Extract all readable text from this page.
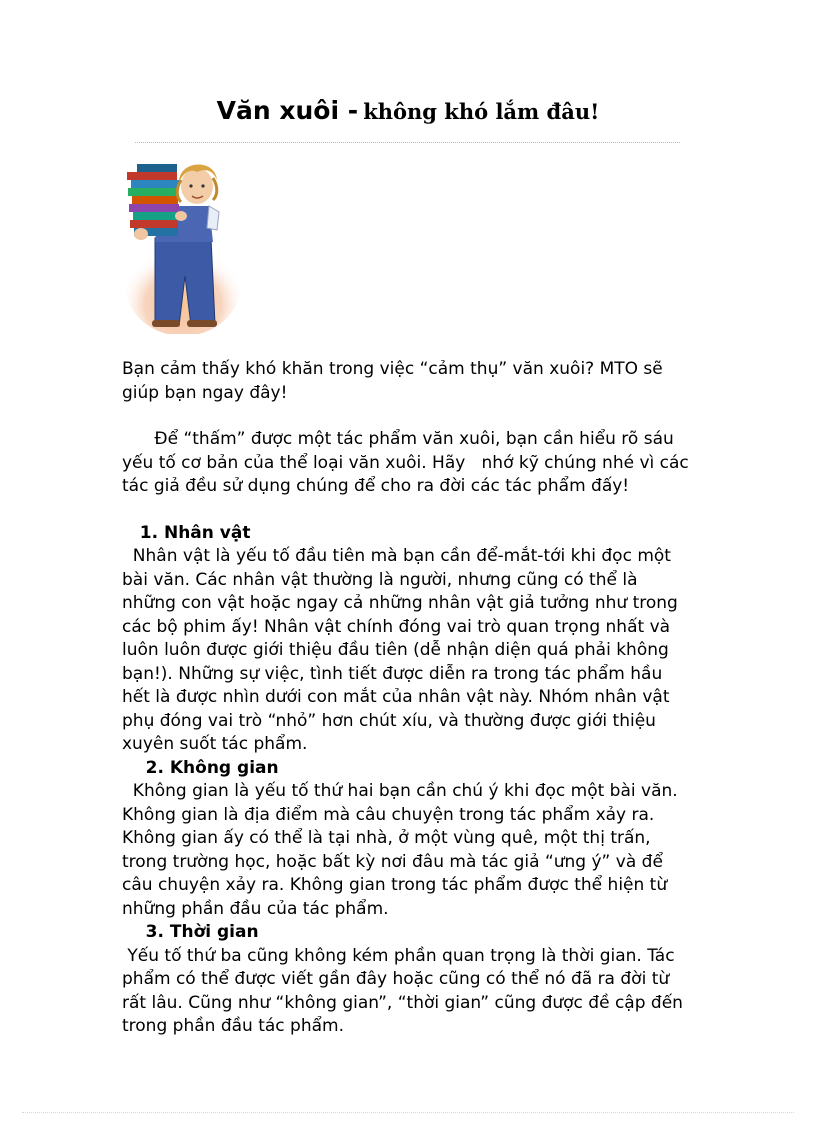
Văn xuôi - không khó lắm đâu!

Bạn cảm thấy khó khăn trong việc “cảm thụ” văn xuôi? MTO sẽ

giúp bạn ngay đây!

Để “thấm” được một tác phẩm văn xuôi, bạn cần hiểu rõ sáu

yếu tố cơ bản của thể loại văn xuôi. Hãy   nhớ kỹ chúng nhé vì các

tác giả đều sử dụng chúng để cho ra đời các tác phẩm đấy!

1. Nhân vật

Nhân vật là yếu tố đầu tiên mà bạn cần để-mắt-tới khi đọc một

bài văn. Các nhân vật thường là người, nhưng cũng có thể là

những con vật hoặc ngay cả những nhân vật giả tưởng như trong

các bộ phim ấy! Nhân vật chính đóng vai trò quan trọng nhất và

luôn luôn được giới thiệu đầu tiên (dễ nhận diện quá phải không

bạn!). Những sự việc, tình tiết được diễn ra trong tác phẩm hầu

hết là được nhìn dưới con mắt của nhân vật này. Nhóm nhân vật

phụ đóng vai trò “nhỏ” hơn chút xíu, và thường được giới thiệu

xuyên suốt tác phẩm.

2. Không gian

Không gian là yếu tố thứ hai bạn cần chú ý khi đọc một bài văn.

Không gian là địa điểm mà câu chuyện trong tác phẩm xảy ra.

Không gian ấy có thể là tại nhà, ở một vùng quê, một thị trấn,

trong trường học, hoặc bất kỳ nơi đâu mà tác giả “ưng ý” và để

câu chuyện xảy ra. Không gian trong tác phẩm được thể hiện từ

những phần đầu của tác phẩm.

3. Thời gian

Yếu tố thứ ba cũng không kém phần quan trọng là thời gian. Tác

phẩm có thể được viết gần đây hoặc cũng có thể nó đã ra đời từ

rất lâu. Cũng như “không gian”, “thời gian” cũng được đề cập đến

trong phần đầu tác phẩm.
